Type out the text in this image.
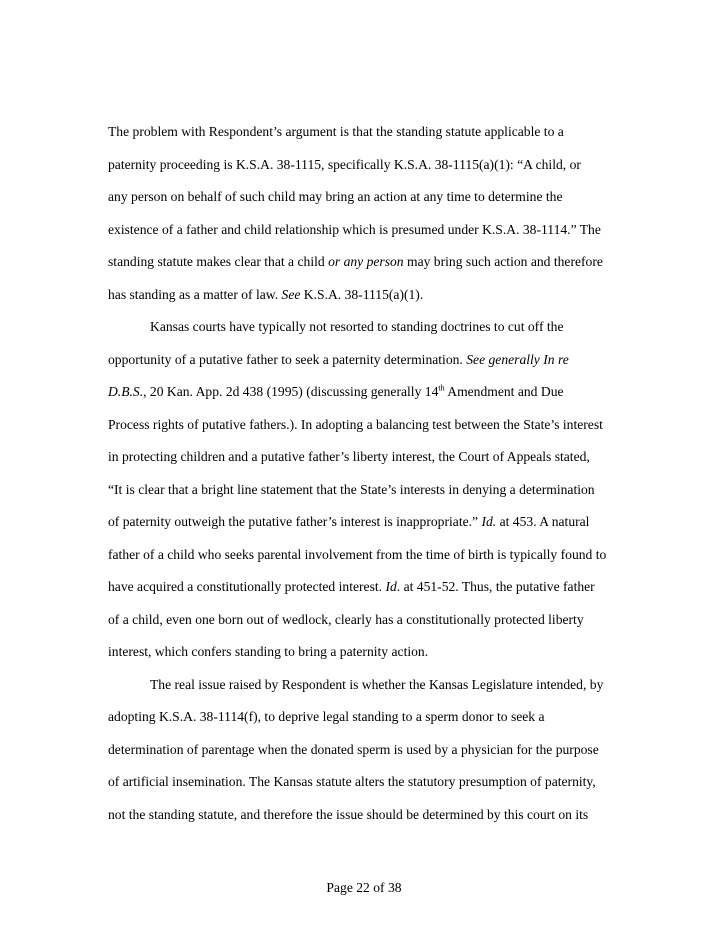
The problem with Respondent’s argument is that the standing statute applicable to a
paternity proceeding is K.S.A. 38-1115, specifically K.S.A. 38-1115(a)(1): “A child, or
any person on behalf of such child may bring an action at any time to determine the
existence of a father and child relationship which is presumed under K.S.A. 38-1114.” The
standing statute makes clear that a child or any person may bring such action and therefore
has standing as a matter of law. See K.S.A. 38-1115(a)(1).
Kansas courts have typically not resorted to standing doctrines to cut off the
opportunity of a putative father to seek a paternity determination. See generally In re
D.B.S., 20 Kan. App. 2d 438 (1995) (discussing generally 14th Amendment and Due
Process rights of putative fathers.). In adopting a balancing test between the State’s interest
in protecting children and a putative father’s liberty interest, the Court of Appeals stated,
“It is clear that a bright line statement that the State’s interests in denying a determination
of paternity outweigh the putative father’s interest is inappropriate.” Id. at 453. A natural
father of a child who seeks parental involvement from the time of birth is typically found to
have acquired a constitutionally protected interest. Id. at 451-52. Thus, the putative father
of a child, even one born out of wedlock, clearly has a constitutionally protected liberty
interest, which confers standing to bring a paternity action.
The real issue raised by Respondent is whether the Kansas Legislature intended, by
adopting K.S.A. 38-1114(f), to deprive legal standing to a sperm donor to seek a
determination of parentage when the donated sperm is used by a physician for the purpose
of artificial insemination. The Kansas statute alters the statutory presumption of paternity,
not the standing statute, and therefore the issue should be determined by this court on its
Page 22 of 38
